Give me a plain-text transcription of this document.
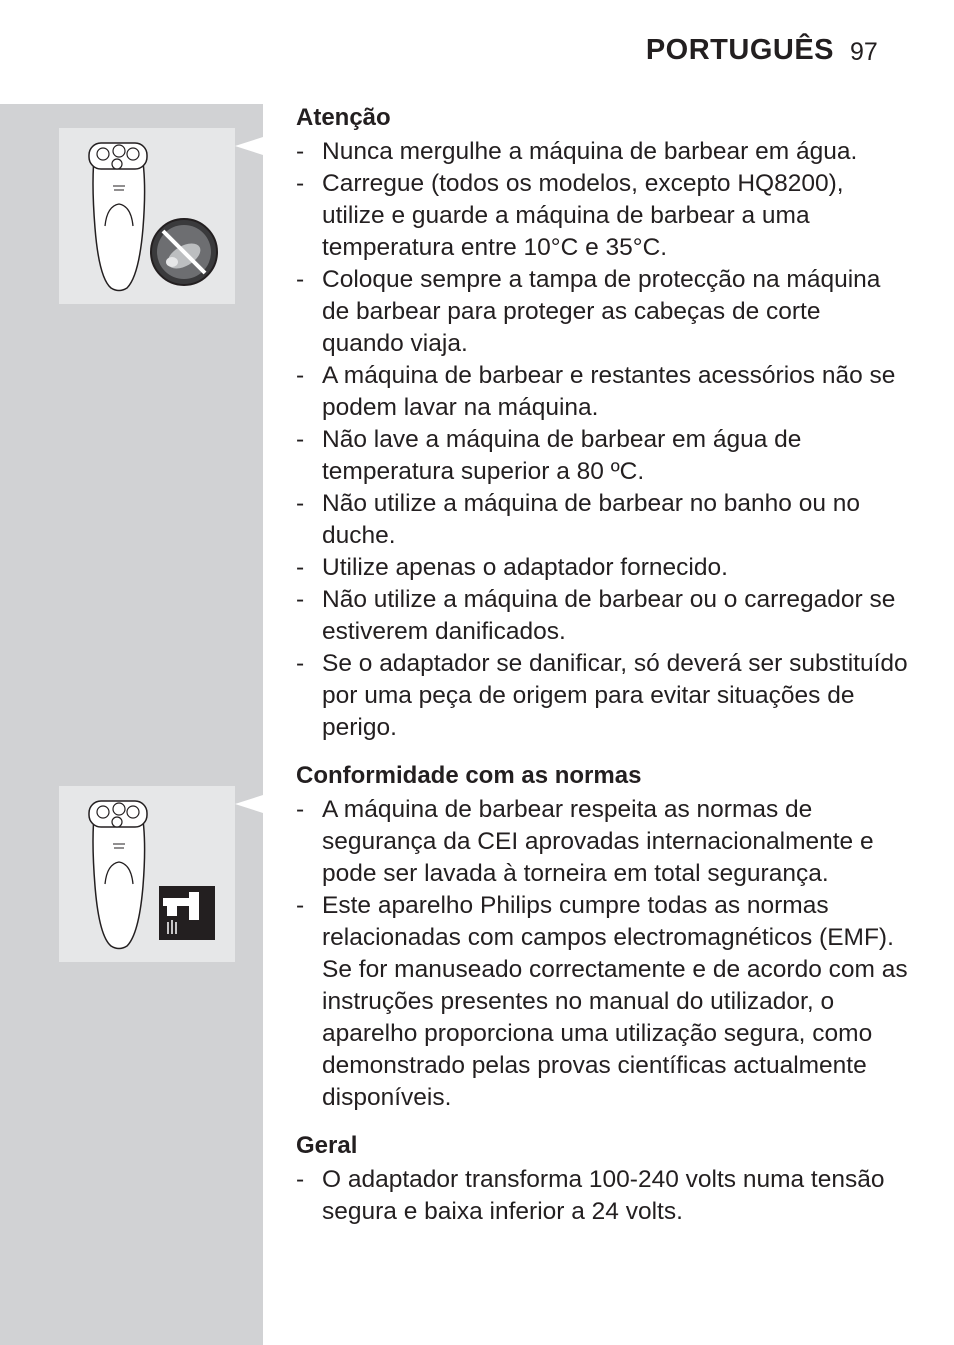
PORTUGUÊS 97
Atenção
- Nunca mergulhe a máquina de barbear em água.
- Carregue (todos os modelos, excepto HQ8200), utilize e guarde a máquina de barbear a uma temperatura entre 10°C e 35°C.
- Coloque sempre a tampa de protecção na máquina de barbear para proteger as cabeças de corte quando viaja.
- A máquina de barbear e restantes acessórios não se podem lavar na máquina.
- Não lave a máquina de barbear em água de temperatura superior a 80 ºC.
- Não utilize a máquina de barbear no banho ou no duche.
- Utilize apenas o adaptador fornecido.
- Não utilize a máquina de barbear ou o carregador se estiverem danificados.
- Se o adaptador se danificar, só deverá ser substituído por uma peça de origem para evitar situações de perigo.
Conformidade com as normas
- A máquina de barbear respeita as normas de segurança da CEI aprovadas internacionalmente e pode ser lavada à torneira em total segurança.
- Este aparelho Philips cumpre todas as normas relacionadas com campos electromagnéticos (EMF). Se for manuseado correctamente e de acordo com as instruções presentes no manual do utilizador, o aparelho proporciona uma utilização segura, como demonstrado pelas provas científicas actualmente disponíveis.
Geral
- O adaptador transforma 100-240 volts numa tensão segura e baixa inferior a 24 volts.
